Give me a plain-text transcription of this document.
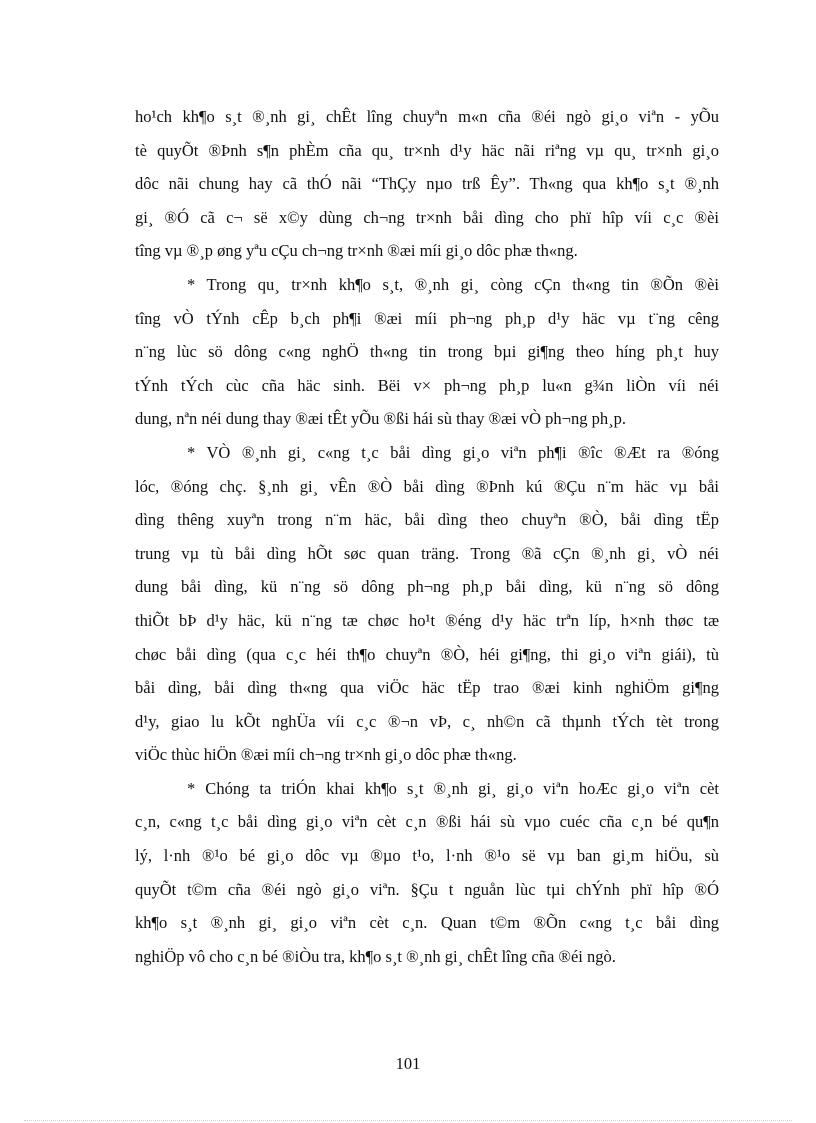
ho¹ch kh¶o s¸t ®¸nh gi¸ chÊt lîng chuyªn m«n cña ®éi ngò gi¸o viªn - yÕu
tè quyÕt ®Þnh s¶n phÈm cña qu¸ tr×nh d¹y häc nãi riªng vµ qu¸ tr×nh gi¸o
dôc nãi chung hay cã thÓ nãi “ThÇy nµo trß Êy”. Th«ng qua kh¶o s¸t ®¸nh
gi¸ ®Ó cã c¬ së x©y dùng ch¬ng tr×nh båi dìng cho phï hîp víi c¸c ®èi
tîng vµ ®¸p øng yªu cÇu ch¬ng tr×nh ®æi míi gi¸o dôc phæ th«ng.
* Trong qu¸ tr×nh kh¶o s¸t, ®¸nh gi¸ còng cÇn th«ng tin ®Õn ®èi
tîng vÒ tÝnh cÊp b¸ch ph¶i ®æi míi ph¬ng ph¸p d¹y häc vµ t¨ng cêng
n¨ng lùc sö dông c«ng nghÖ th«ng tin trong bµi gi¶ng theo híng ph¸t huy
tÝnh tÝch cùc cña häc sinh. Bëi v× ph¬ng ph¸p lu«n g¾n liÒn víi néi
dung, nªn néi dung thay ®æi tÊt yÕu ®ßi hái sù thay ®æi vÒ ph¬ng ph¸p.
* VÒ ®¸nh gi¸ c«ng t¸c båi dìng gi¸o viªn ph¶i ®îc ®Æt ra ®óng
lóc, ®óng chç. §¸nh gi¸ vÊn ®Ò båi dìng ®Þnh kú ®Çu n¨m häc vµ båi
dìng thêng xuyªn trong n¨m häc, båi dìng theo chuyªn ®Ò, båi dìng tËp
trung vµ tù båi dìng hÕt søc quan träng. Trong ®ã cÇn ®¸nh gi¸ vÒ néi
dung båi dìng, kü n¨ng sö dông ph¬ng ph¸p båi dìng, kü n¨ng sö dông
thiÕt bÞ d¹y häc, kü n¨ng tæ chøc ho¹t ®éng d¹y häc trªn líp, h×nh thøc tæ
chøc båi dìng (qua c¸c héi th¶o chuyªn ®Ò, héi gi¶ng, thi gi¸o viªn giái), tù
båi dìng, båi dìng th«ng qua viÖc häc tËp trao ®æi kinh nghiÖm gi¶ng
d¹y, giao lu kÕt nghÜa víi c¸c ®¬n vÞ, c¸ nh©n cã thµnh tÝch tèt trong
viÖc thùc hiÖn ®æi míi ch¬ng tr×nh gi¸o dôc phæ th«ng.
* Chóng ta triÓn khai kh¶o s¸t ®¸nh gi¸ gi¸o viªn hoÆc gi¸o viªn cèt
c¸n, c«ng t¸c båi dìng gi¸o viªn cèt c¸n ®ßi hái sù vµo cuéc cña c¸n bé qu¶n
lý, l·nh ®¹o bé gi¸o dôc vµ ®µo t¹o, l·nh ®¹o së vµ ban gi¸m hiÖu, sù
quyÕt t©m cña ®éi ngò gi¸o viªn. §Çu t nguån lùc tµi chÝnh phï hîp ®Ó
kh¶o s¸t ®¸nh gi¸ gi¸o viªn cèt c¸n. Quan t©m ®Õn c«ng t¸c båi dìng
nghiÖp vô cho c¸n bé ®iÒu tra, kh¶o s¸t ®¸nh gi¸ chÊt lîng cña ®éi ngò.
101
